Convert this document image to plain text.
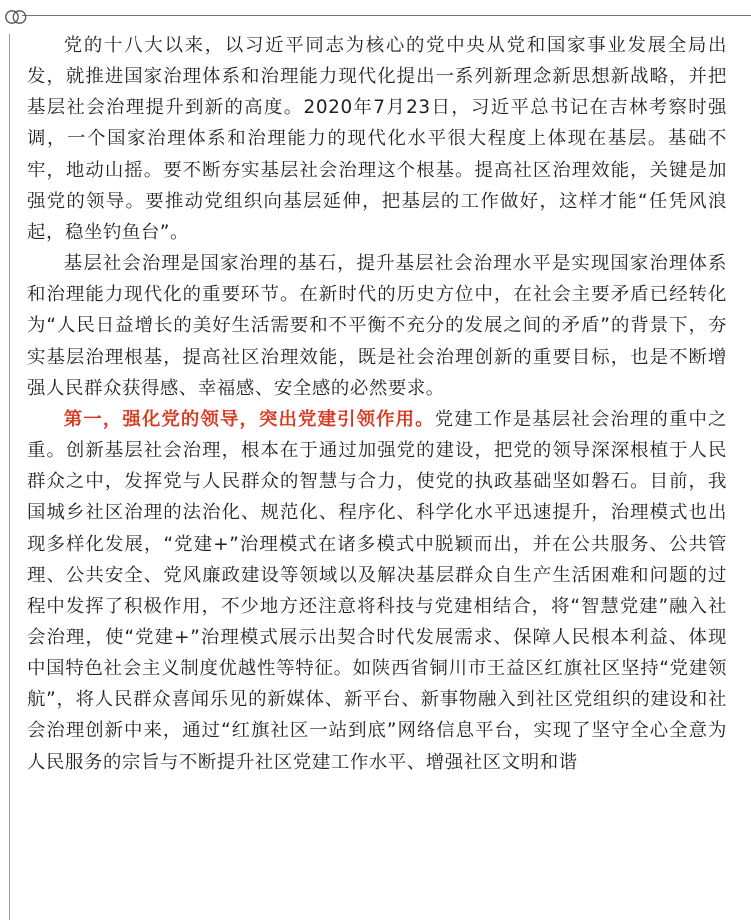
党的十八大以来，以习近平同志为核心的党中央从党和国家事业发展全局出发，就推进国家治理体系和治理能力现代化提出一系列新理念新思想新战略，并把基层社会治理提升到新的高度。2020年7月23日，习近平总书记在吉林考察时强调，一个国家治理体系和治理能力的现代化水平很大程度上体现在基层。基础不牢，地动山摇。要不断夯实基层社会治理这个根基。提高社区治理效能，关键是加强党的领导。要推动党组织向基层延伸，把基层的工作做好，这样才能“任凭风浪起，稳坐钓鱼台”。

基层社会治理是国家治理的基石，提升基层社会治理水平是实现国家治理体系和治理能力现代化的重要环节。在新时代的历史方位中，在社会主要矛盾已经转化为“人民日益增长的美好生活需要和不平衡不充分的发展之间的矛盾”的背景下，夯实基层治理根基，提高社区治理效能，既是社会治理创新的重要目标，也是不断增强人民群众获得感、幸福感、安全感的必然要求。

第一，强化党的领导，突出党建引领作用。党建工作是基层社会治理的重中之重。创新基层社会治理，根本在于通过加强党的建设，把党的领导深深根植于人民群众之中，发挥党与人民群众的智慧与合力，使党的执政基础坚如磐石。目前，我国城乡社区治理的法治化、规范化、程序化、科学化水平迅速提升，治理模式也出现多样化发展，“党建+”治理模式在诸多模式中脱颖而出，并在公共服务、公共管理、公共安全、党风廉政建设等领域以及解决基层群众自生产生活困难和问题的过程中发挥了积极作用，不少地方还注意将科技与党建相结合，将“智慧党建”融入社会治理，使“党建+”治理模式展示出契合时代发展需求、保障人民根本利益、体现中国特色社会主义制度优越性等特征。如陕西省铜川市王益区红旗社区坚持“党建领航”，将人民群众喜闻乐见的新媒体、新平台、新事物融入到社区党组织的建设和社会治理创新中来，通过“红旗社区一站到底”网络信息平台，实现了坚守全心全意为人民服务的宗旨与不断提升社区党建工作水平、增强社区文明和谐
